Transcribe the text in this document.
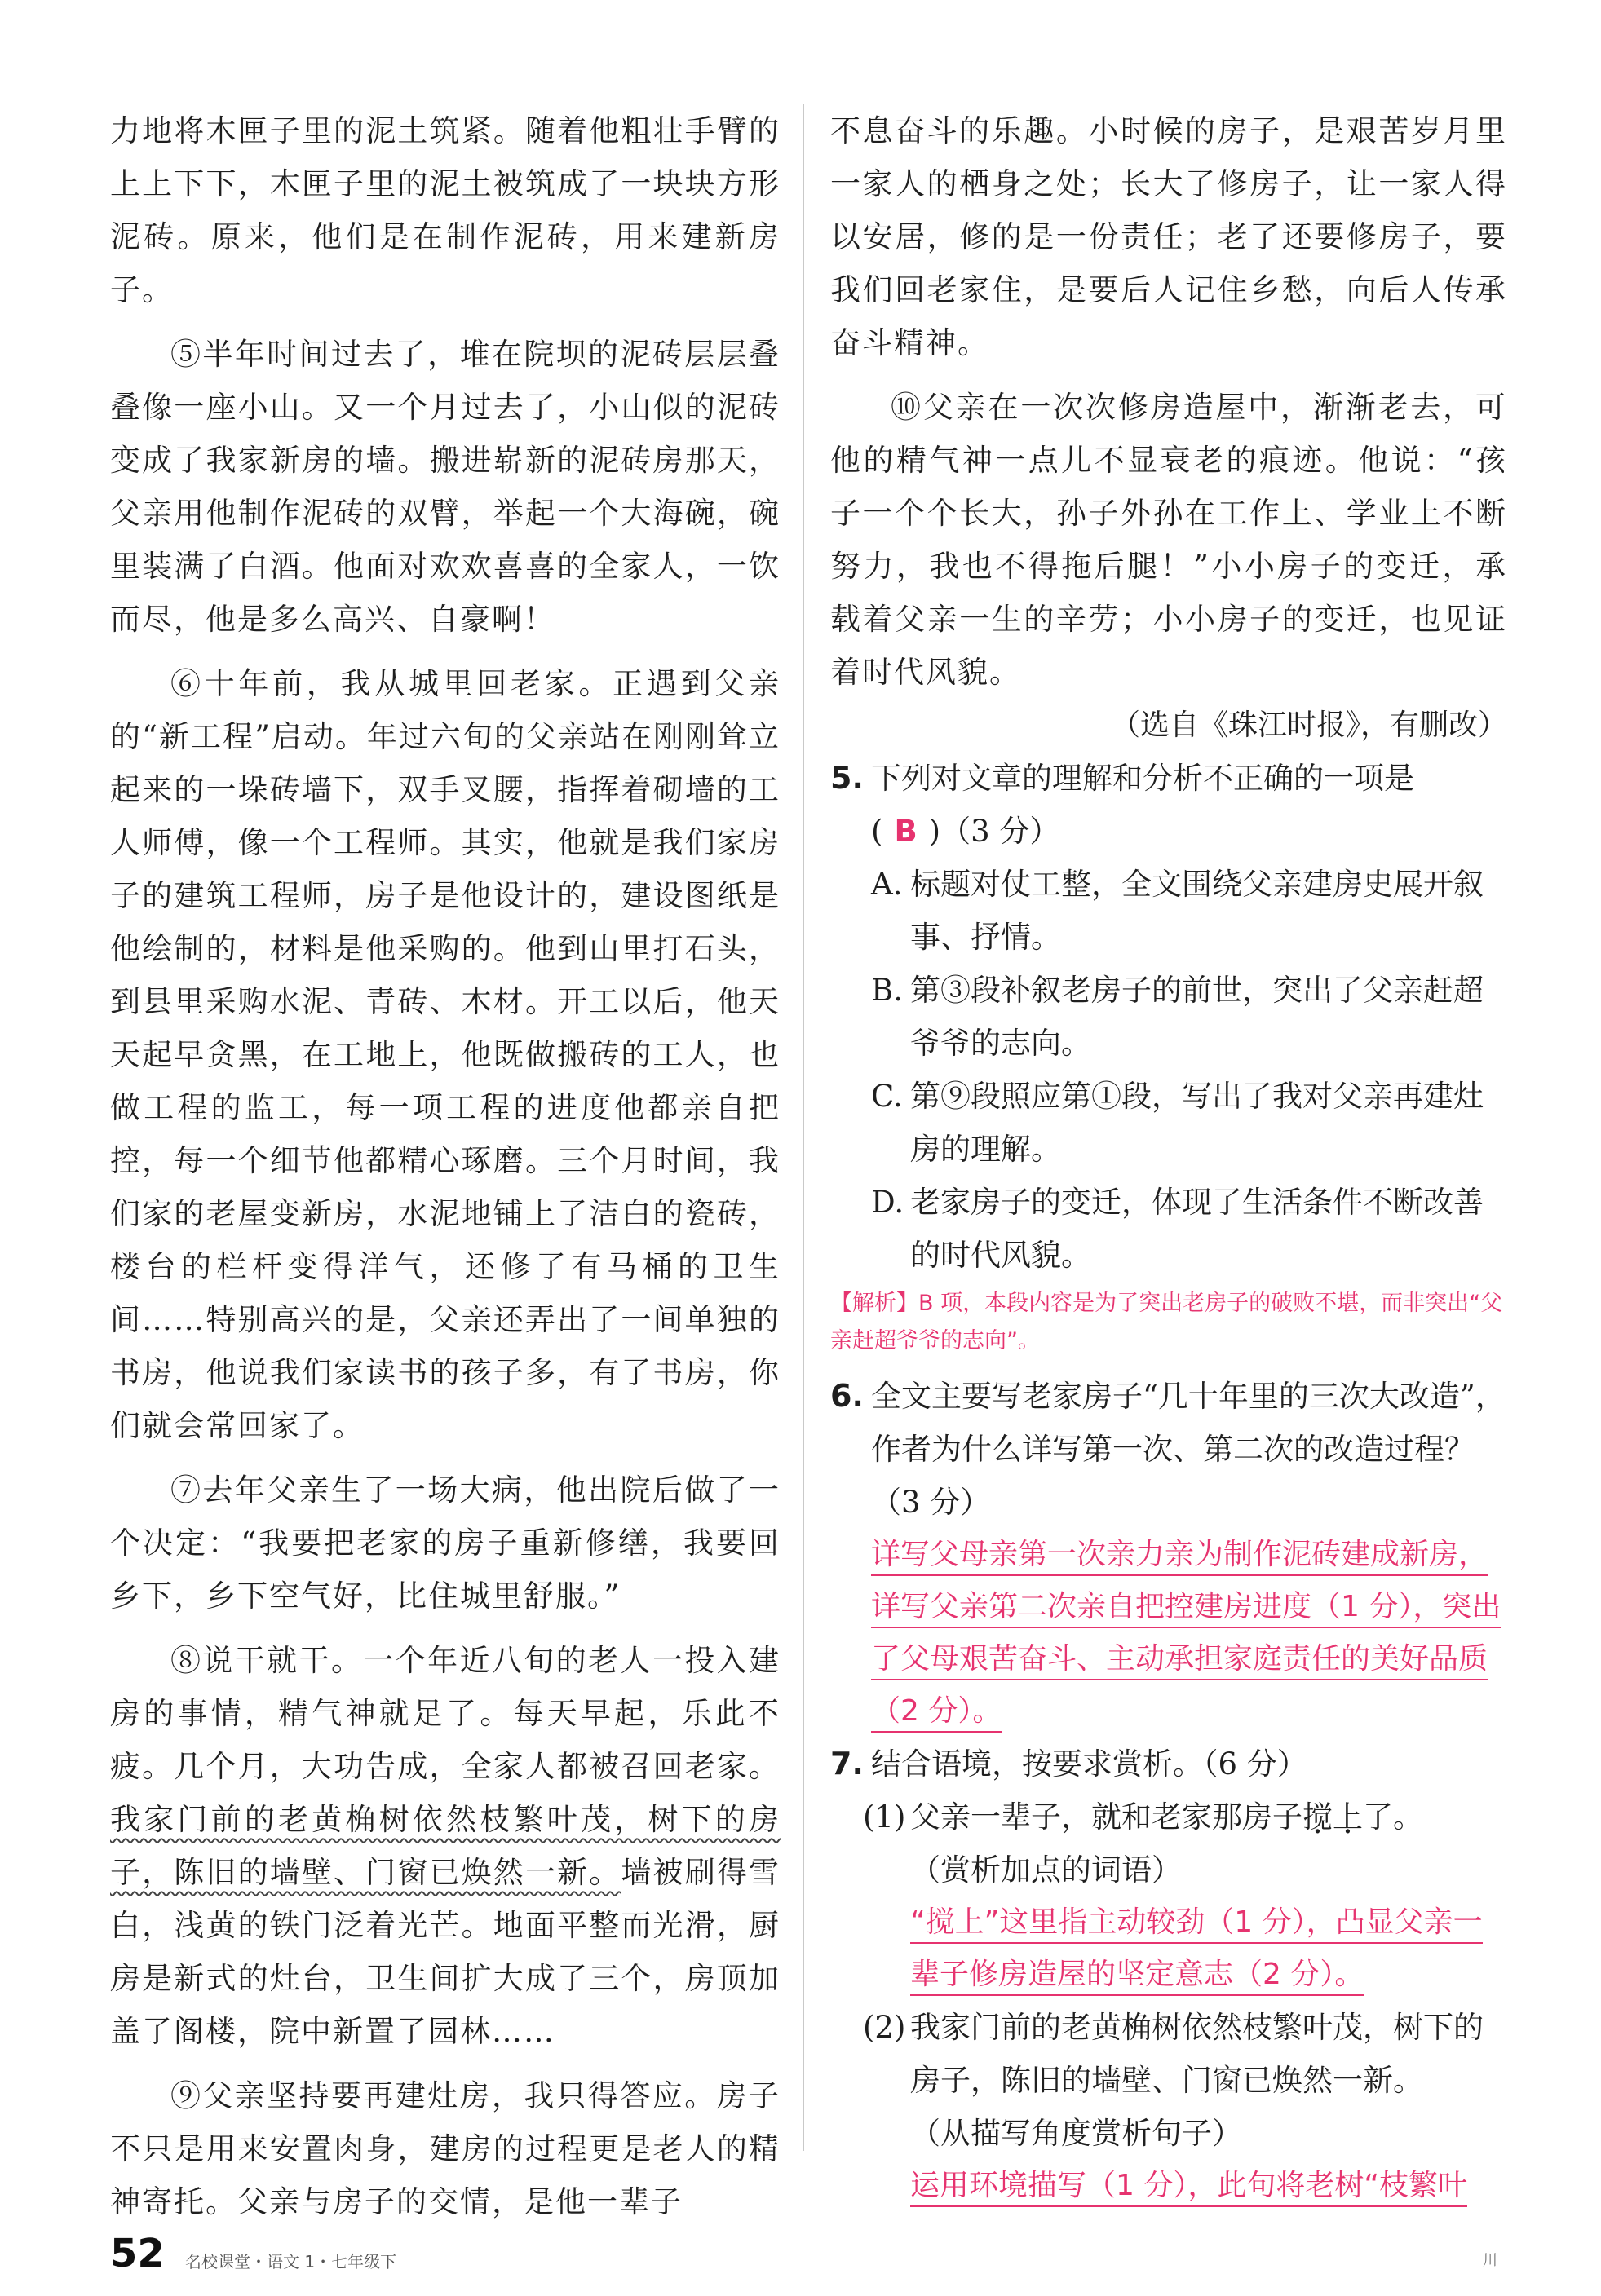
力地将木匣子里的泥土筑紧。随着他粗壮手臂的上上下下，木匣子里的泥土被筑成了一块块方形泥砖。原来，他们是在制作泥砖，用来建新房子。

⑤半年时间过去了，堆在院坝的泥砖层层叠叠像一座小山。又一个月过去了，小山似的泥砖变成了我家新房的墙。搬进崭新的泥砖房那天，父亲用他制作泥砖的双臂，举起一个大海碗，碗里装满了白酒。他面对欢欢喜喜的全家人，一饮而尽，他是多么高兴、自豪啊！

⑥十年前，我从城里回老家。正遇到父亲的“新工程”启动。年过六旬的父亲站在刚刚耸立起来的一垛砖墙下，双手叉腰，指挥着砌墙的工人师傅，像一个工程师。其实，他就是我们家房子的建筑工程师，房子是他设计的，建设图纸是他绘制的，材料是他采购的。他到山里打石头，到县里采购水泥、青砖、木材。开工以后，他天天起早贪黑，在工地上，他既做搬砖的工人，也做工程的监工，每一项工程的进度他都亲自把控，每一个细节他都精心琢磨。三个月时间，我们家的老屋变新房，水泥地铺上了洁白的瓷砖，楼台的栏杆变得洋气，还修了有马桶的卫生间……特别高兴的是，父亲还弄出了一间单独的书房，他说我们家读书的孩子多，有了书房，你们就会常回家了。

⑦去年父亲生了一场大病，他出院后做了一个决定：“我要把老家的房子重新修缮，我要回乡下，乡下空气好，比住城里舒服。”

⑧说干就干。一个年近八旬的老人一投入建房的事情，精气神就足了。每天早起，乐此不疲。几个月，大功告成，全家人都被召回老家。我家门前的老黄桷树依然枝繁叶茂，树下的房子，陈旧的墙壁、门窗已焕然一新。墙被刷得雪白，浅黄的铁门泛着光芒。地面平整而光滑，厨房是新式的灶台，卫生间扩大成了三个，房顶加盖了阁楼，院中新置了园林……

⑨父亲坚持要再建灶房，我只得答应。房子不只是用来安置肉身，建房的过程更是老人的精神寄托。父亲与房子的交情，是他一辈子

不息奋斗的乐趣。小时候的房子，是艰苦岁月里一家人的栖身之处；长大了修房子，让一家人得以安居，修的是一份责任；老了还要修房子，要我们回老家住，是要后人记住乡愁，向后人传承奋斗精神。

⑩父亲在一次次修房造屋中，渐渐老去，可他的精气神一点儿不显衰老的痕迹。他说：“孩子一个个长大，孙子外孙在工作上、学业上不断努力，我也不得拖后腿！”小小房子的变迁，承载着父亲一生的辛劳；小小房子的变迁，也见证着时代风貌。

（选自《珠江时报》，有删改）

5. 下列对文章的理解和分析不正确的一项是
( B )（3 分）
A. 标题对仗工整，全文围绕父亲建房史展开叙事、抒情。
B. 第③段补叙老房子的前世，突出了父亲赶超爷爷的志向。
C. 第⑨段照应第①段，写出了我对父亲再建灶房的理解。
D. 老家房子的变迁，体现了生活条件不断改善的时代风貌。

【解析】B 项，本段内容是为了突出老房子的破败不堪，而非突出“父亲赶超爷爷的志向”。

6. 全文主要写老家房子“几十年里的三次大改造”，作者为什么详写第一次、第二次的改造过程？（3 分）

详写父母亲第一次亲力亲为制作泥砖建成新房，详写父亲第二次亲自把控建房进度（1 分），突出了父母艰苦奋斗、主动承担家庭责任的美好品质（2 分）。

7. 结合语境，按要求赏析。（6 分）
(1) 父亲一辈子，就和老家那房子搅上了。

（赏析加点的词语）

“搅上”这里指主动较劲（1 分），凸显父亲一辈子修房造屋的坚定意志（2 分）。

(2) 我家门前的老黄桷树依然枝繁叶茂，树下的房子，陈旧的墙壁、门窗已焕然一新。

（从描写角度赏析句子）

运用环境描写（1 分），此句将老树“枝繁叶

52 名校课堂・语文 1・七年级下	川
